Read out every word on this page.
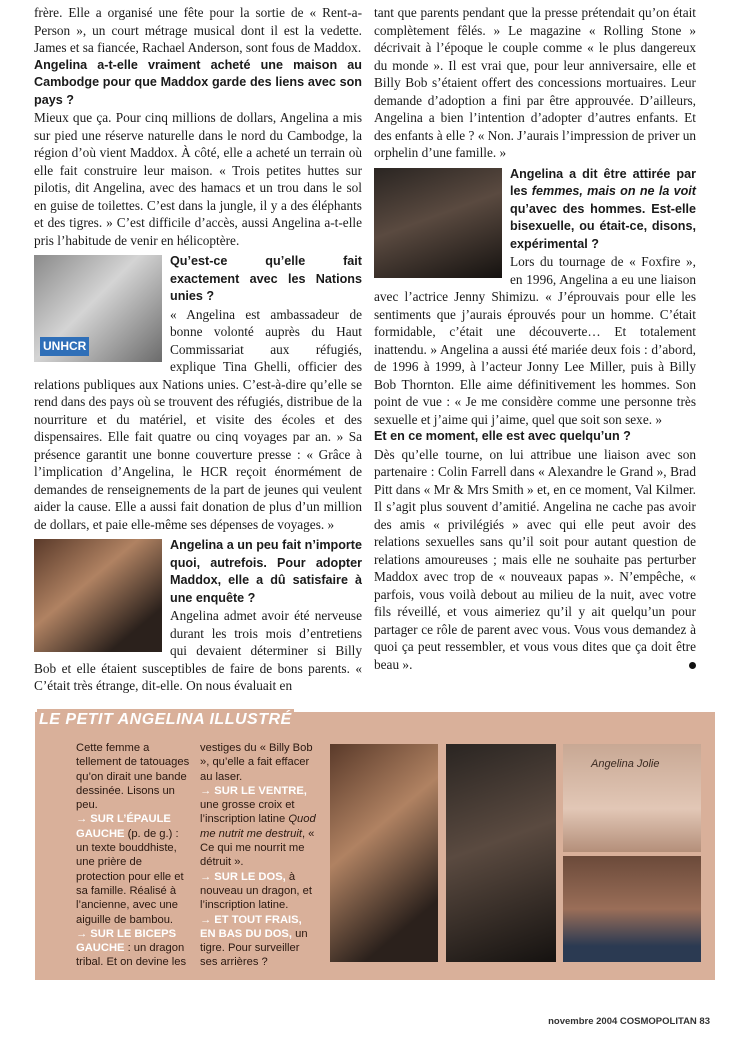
frère. Elle a organisé une fête pour la sortie de « Rent-a-Person », un court métrage musical dont il est la vedette. James et sa fiancée, Rachael Anderson, sont fous de Maddox.

Angelina a-t-elle vraiment acheté une maison au Cambodge pour que Maddox garde des liens avec son pays ?

Mieux que ça. Pour cinq millions de dollars, Angelina a mis sur pied une réserve naturelle dans le nord du Cambodge, la région d’où vient Maddox. À côté, elle a acheté un terrain où elle fait construire leur maison. « Trois petites huttes sur pilotis, dit Angelina, avec des hamacs et un trou dans le sol en guise de toilettes. C’est dans la jungle, il y a des éléphants et des tigres. » C’est difficile d’accès, aussi Angelina a-t-elle pris l’habitude de venir en hélicoptère.

UNHCR

Qu’est-ce qu’elle fait exactement avec les Nations unies ?

« Angelina est ambassadeur de bonne volonté auprès du Haut Commissariat aux réfugiés, explique Tina Ghelli, officier des relations publiques aux Nations unies. C’est-à-dire qu’elle se rend dans des pays où se trouvent des réfugiés, distribue de la nourriture et du matériel, et visite des écoles et des dispensaires. Elle fait quatre ou cinq voyages par an. » Sa présence garantit une bonne couverture presse : « Grâce à l’implication d’Angelina, le HCR reçoit énormément de demandes de renseignements de la part de jeunes qui veulent aider la cause. Elle a aussi fait donation de plus d’un million de dollars, et paie elle-même ses dépenses de voyages. »

Angelina a un peu fait n’importe quoi, autrefois. Pour adopter Maddox, elle a dû satisfaire à une enquête ?

Angelina admet avoir été nerveuse durant les trois mois d’entretiens qui devaient déterminer si Billy Bob et elle étaient susceptibles de faire de bons parents. « C’était très étrange, dit-elle. On nous évaluait en

tant que parents pendant que la presse prétendait qu’on était complètement fêlés. » Le magazine « Rolling Stone » décrivait à l’époque le couple comme « le plus dangereux du monde ». Il est vrai que, pour leur anniversaire, elle et Billy Bob s’étaient offert des concessions mortuaires. Leur demande d’adoption a fini par être approuvée. D’ailleurs, Angelina a bien l’intention d’adopter d’autres enfants. Et des enfants à elle ? « Non. J’aurais l’impression de priver un orphelin d’une famille. »

Angelina a dit être attirée par les femmes, mais on ne la voit qu’avec des hommes. Est-elle bisexuelle, ou était-ce, disons, expérimental ?

Lors du tournage de « Foxfire », en 1996, Angelina a eu une liaison avec l’actrice Jenny Shimizu. « J’éprouvais pour elle les sentiments que j’aurais éprouvés pour un homme. C’était formidable, c’était une découverte… Et totalement inattendu. » Angelina a aussi été mariée deux fois : d’abord, de 1996 à 1999, à l’acteur Jonny Lee Miller, puis à Billy Bob Thornton. Elle aime définitivement les hommes. Son point de vue : « Je me considère comme une personne très sexuelle et j’aime qui j’aime, quel que soit son sexe. »

Et en ce moment, elle est avec quelqu’un ?

Dès qu’elle tourne, on lui attribue une liaison avec son partenaire : Colin Farrell dans « Alexandre le Grand », Brad Pitt dans « Mr & Mrs Smith » et, en ce moment, Val Kilmer. Il s’agit plus souvent d’amitié. Angelina ne cache pas avoir des amis « privilégiés » avec qui elle peut avoir des relations sexuelles sans qu’il soit pour autant question de relations amoureuses ; mais elle ne souhaite pas perturber Maddox avec trop de « nouveaux papas ». N’empêche, « parfois, vous voilà debout au milieu de la nuit, avec votre fils réveillé, et vous aimeriez qu’il y ait quelqu’un pour partager ce rôle de parent avec vous. Vous vous demandez à quoi ça peut ressembler, et vous vous dites que ça doit être beau ».

LE PETIT ANGELINA ILLUSTRÉ

Cette femme a tellement de tatouages qu’on dirait une bande dessinée. Lisons un peu.

→ SUR L’ÉPAULE GAUCHE (p. de g.) : un texte bouddhiste, une prière de protection pour elle et sa famille. Réalisé à l’ancienne, avec une aiguille de bambou.

→ SUR LE BICEPS GAUCHE : un dragon tribal. Et on devine les

vestiges du « Billy Bob », qu’elle a fait effacer au laser.

→ SUR LE VENTRE, une grosse croix et l’inscription latine Quod me nutrit me destruit, « Ce qui me nourrit me détruit ».

→ SUR LE DOS, à nouveau un dragon, et l’inscription latine.

→ ET TOUT FRAIS, EN BAS DU DOS, un tigre. Pour surveiller ses arrières ?

Angelina Jolie
novembre 2004 COSMOPOLITAN 83
